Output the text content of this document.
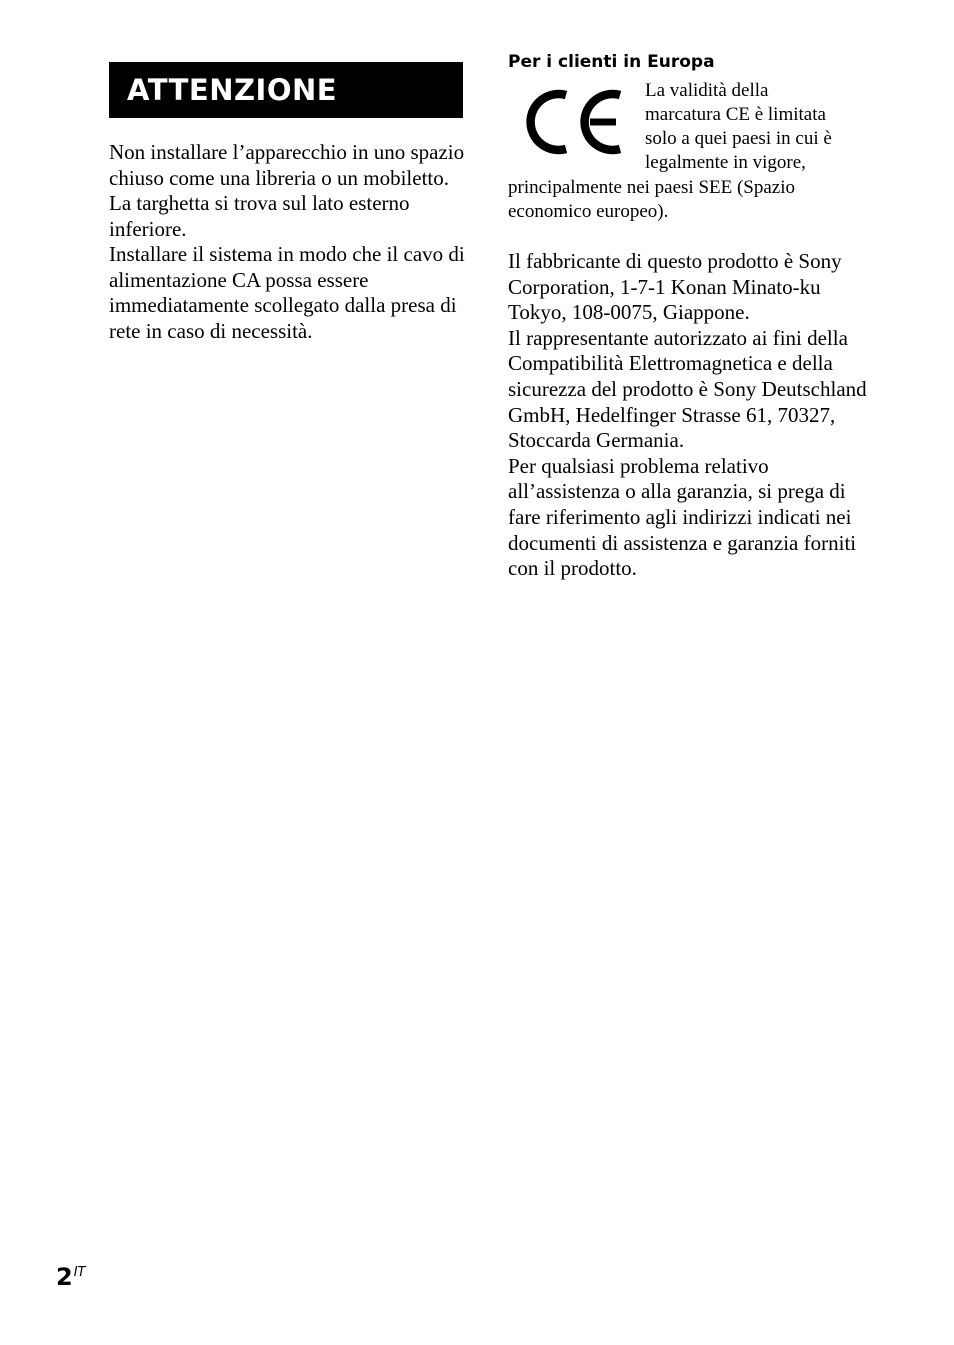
ATTENZIONE

Non installare l’apparecchio in uno spazio chiuso come una libreria o un mobiletto.

La targhetta si trova sul lato esterno inferiore.

Installare il sistema in modo che il cavo di alimentazione CA possa essere immediatamente scollegato dalla presa di rete in caso di necessità.

Per i clienti in Europa

La validità della
marcatura CE è limitata
solo a quei paesi in cui è
legalmente in vigore,

principalmente nei paesi SEE (Spazio
economico europeo).

Il fabbricante di questo prodotto è Sony Corporation, 1-7-1 Konan Minato-ku Tokyo, 108-0075, Giappone.

Il rappresentante autorizzato ai fini della Compatibilità Elettromagnetica e della sicurezza del prodotto è Sony Deutschland GmbH, Hedelfinger Strasse 61, 70327, Stoccarda Germania.

Per qualsiasi problema relativo all’assistenza o alla garanzia, si prega di fare riferimento agli indirizzi indicati nei documenti di assistenza e garanzia forniti con il prodotto.

$2^{IT}$
